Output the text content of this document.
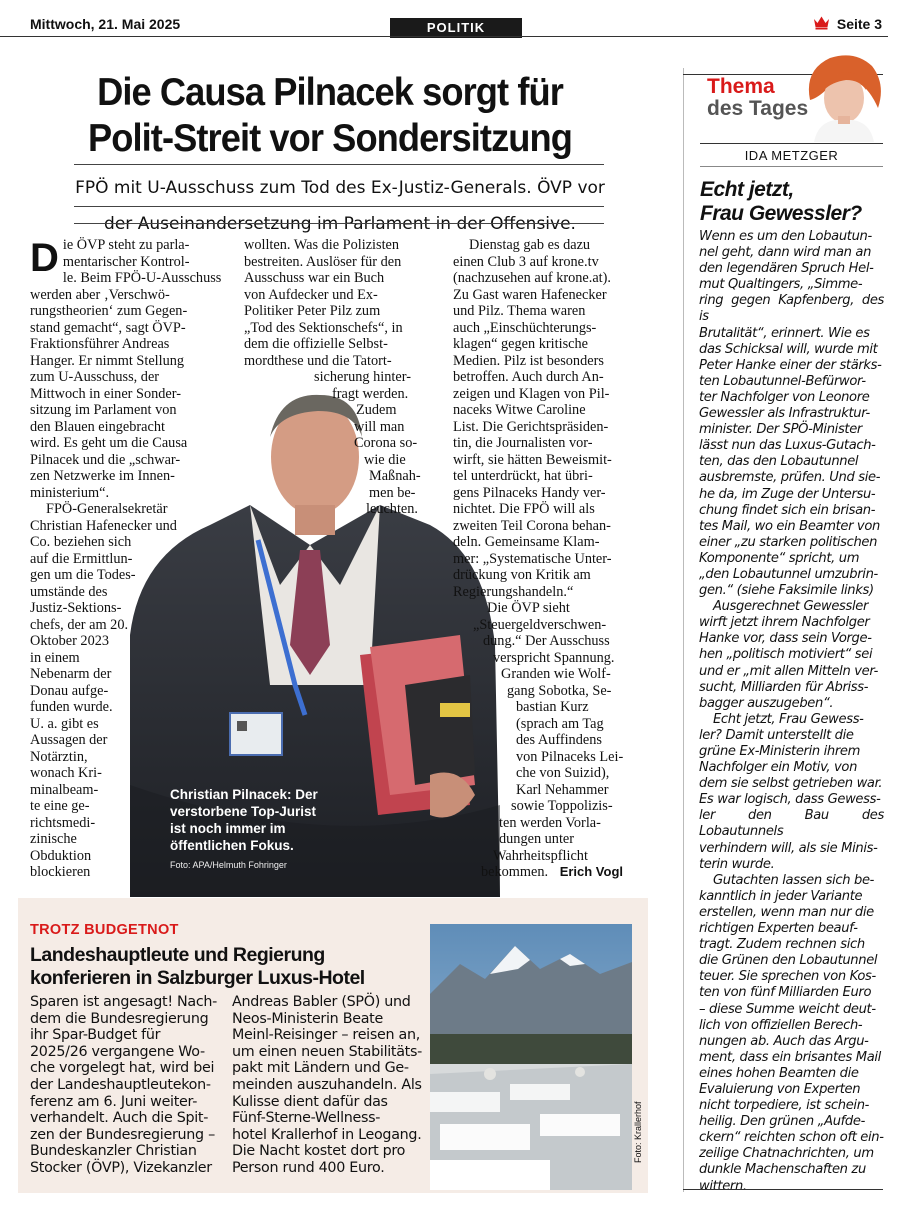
Mittwoch, 21. Mai 2025	POLITIK	Seite 3
Die Causa Pilnacek sorgt für
Polit-Streit vor Sondersitzung
FPÖ mit U-Ausschuss zum Tod des Ex-Justiz-Generals. ÖVP vor
der Auseinandersetzung im Parlament in der Offensive.
Christian Pilnacek: Der
verstorbene Top-Jurist
ist noch immer im
öffentlichen Fokus.
Foto: APA/Helmuth Fohringer
D ie ÖVP steht zu parla-
mentarischer Kontrol-
le. Beim FPÖ-U-Ausschuss
werden aber ‚Verschwö-
rungstheorien‘ zum Gegen-
stand gemacht“, sagt ÖVP-
Fraktionsführer Andreas
Hanger. Er nimmt Stellung
zum U-Ausschuss, der
Mittwoch in einer Sonder-
sitzung im Parlament von
den Blauen eingebracht
wird. Es geht um die Causa
Pilnacek und die „schwar-
zen Netzwerke im Innen-
ministerium“.
FPÖ-Generalsekretär
Christian Hafenecker und
Co. beziehen sich
auf die Ermittlun-
gen um die Todes-
umstände des
Justiz-Sektions-
chefs, der am 20.
Oktober 2023
in einem
Nebenarm der
Donau aufge-
funden wurde.
U. a. gibt es
Aussagen der
Notärztin,
wonach Kri-
minalbeam-
te eine ge-
richtsmedi-
zinische
Obduktion
blockieren
wollten. Was die Polizisten
bestreiten. Auslöser für den
Ausschuss war ein Buch
von Aufdecker und Ex-
Politiker Peter Pilz zum
„Tod des Sektionschefs“, in
dem die offizielle Selbst-
mordthese und die Tatort-
sicherung hinter-
fragt werden.
Zudem
will man
Corona so-
wie die
Maßnah-
men be-
leuchten.
Dienstag gab es dazu
einen Club 3 auf krone.tv
(nachzusehen auf krone.at).
Zu Gast waren Hafenecker
und Pilz. Thema waren
auch „Einschüchterungs-
klagen“ gegen kritische
Medien. Pilz ist besonders
betroffen. Auch durch An-
zeigen und Klagen von Pil-
naceks Witwe Caroline
List. Die Gerichtspräsiden-
tin, die Journalisten vor-
wirft, sie hätten Beweismit-
tel unterdrückt, hat übri-
gens Pilnaceks Handy ver-
nichtet. Die FPÖ will als
zweiten Teil Corona behan-
deln. Gemeinsame Klam-
mer: „Systematische Unter-
drückung von Kritik am
Regierungshandeln.“
Die ÖVP sieht
„Steuergeldverschwen-
dung.“ Der Ausschuss
verspricht Spannung.
Granden wie Wolf-
gang Sobotka, Se-
bastian Kurz
(sprach am Tag
des Auffindens
von Pilnaceks Lei-
che von Suizid),
Karl Nehammer
sowie Toppolizis-
ten werden Vorla-
dungen unter
Wahrheitspflicht
bekommen. Erich Vogl
TROTZ BUDGETNOT
Landeshauptleute und Regierung
konferieren in Salzburger Luxus-Hotel
Sparen ist angesagt! Nach-
dem die Bundesregierung
ihr Spar-Budget für
2025/26 vergangene Wo-
che vorgelegt hat, wird bei
der Landeshauptleutekon-
ferenz am 6. Juni weiter-
verhandelt. Auch die Spit-
zen der Bundesregierung –
Bundeskanzler Christian
Stocker (ÖVP), Vizekanzler
Andreas Babler (SPÖ) und
Neos-Ministerin Beate
Meinl-Reisinger – reisen an,
um einen neuen Stabilitäts-
pakt mit Ländern und Ge-
meinden auszuhandeln. Als
Kulisse dient dafür das
Fünf-Sterne-Wellness-
hotel Krallerhof in Leogang.
Die Nacht kostet dort pro
Person rund 400 Euro.
Foto: Krallerhof
Thema
des Tages
IDA METZGER
Echt jetzt,
Frau Gewessler?
Wenn es um den Lobautun-
nel geht, dann wird man an
den legendären Spruch Hel-
mut Qualtingers, „Simme-
ring gegen Kapfenberg, des is
Brutalität“, erinnert. Wie es
das Schicksal will, wurde mit
Peter Hanke einer der stärks-
ten Lobautunnel-Befürwor-
ter Nachfolger von Leonore
Gewessler als Infrastruktur-
minister. Der SPÖ-Minister
lässt nun das Luxus-Gutach-
ten, das den Lobautunnel
ausbremste, prüfen. Und sie-
he da, im Zuge der Untersu-
chung findet sich ein brisan-
tes Mail, wo ein Beamter von
einer „zu starken politischen
Komponente“ spricht, um
„den Lobautunnel umzubrin-
gen.“ (siehe Faksimile links)
Ausgerechnet Gewessler
wirft jetzt ihrem Nachfolger
Hanke vor, dass sein Vorge-
hen „politisch motiviert“ sei
und er „mit allen Mitteln ver-
sucht, Milliarden für Abriss-
bagger auszugeben“.
Echt jetzt, Frau Gewess-
ler? Damit unterstellt die
grüne Ex-Ministerin ihrem
Nachfolger ein Motiv, von
dem sie selbst getrieben war.
Es war logisch, dass Gewess-
ler den Bau des Lobautunnels
verhindern will, als sie Minis-
terin wurde.
Gutachten lassen sich be-
kanntlich in jeder Variante
erstellen, wenn man nur die
richtigen Experten beauf-
tragt. Zudem rechnen sich
die Grünen den Lobautunnel
teuer. Sie sprechen von Kos-
ten von fünf Milliarden Euro
– diese Summe weicht deut-
lich von offiziellen Berech-
nungen ab. Auch das Argu-
ment, dass ein brisantes Mail
eines hohen Beamten die
Evaluierung von Experten
nicht torpediere, ist schein-
heilig. Den grünen „Aufde-
ckern“ reichten schon oft ein-
zeilige Chatnachrichten, um
dunkle Machenschaften zu
wittern.
